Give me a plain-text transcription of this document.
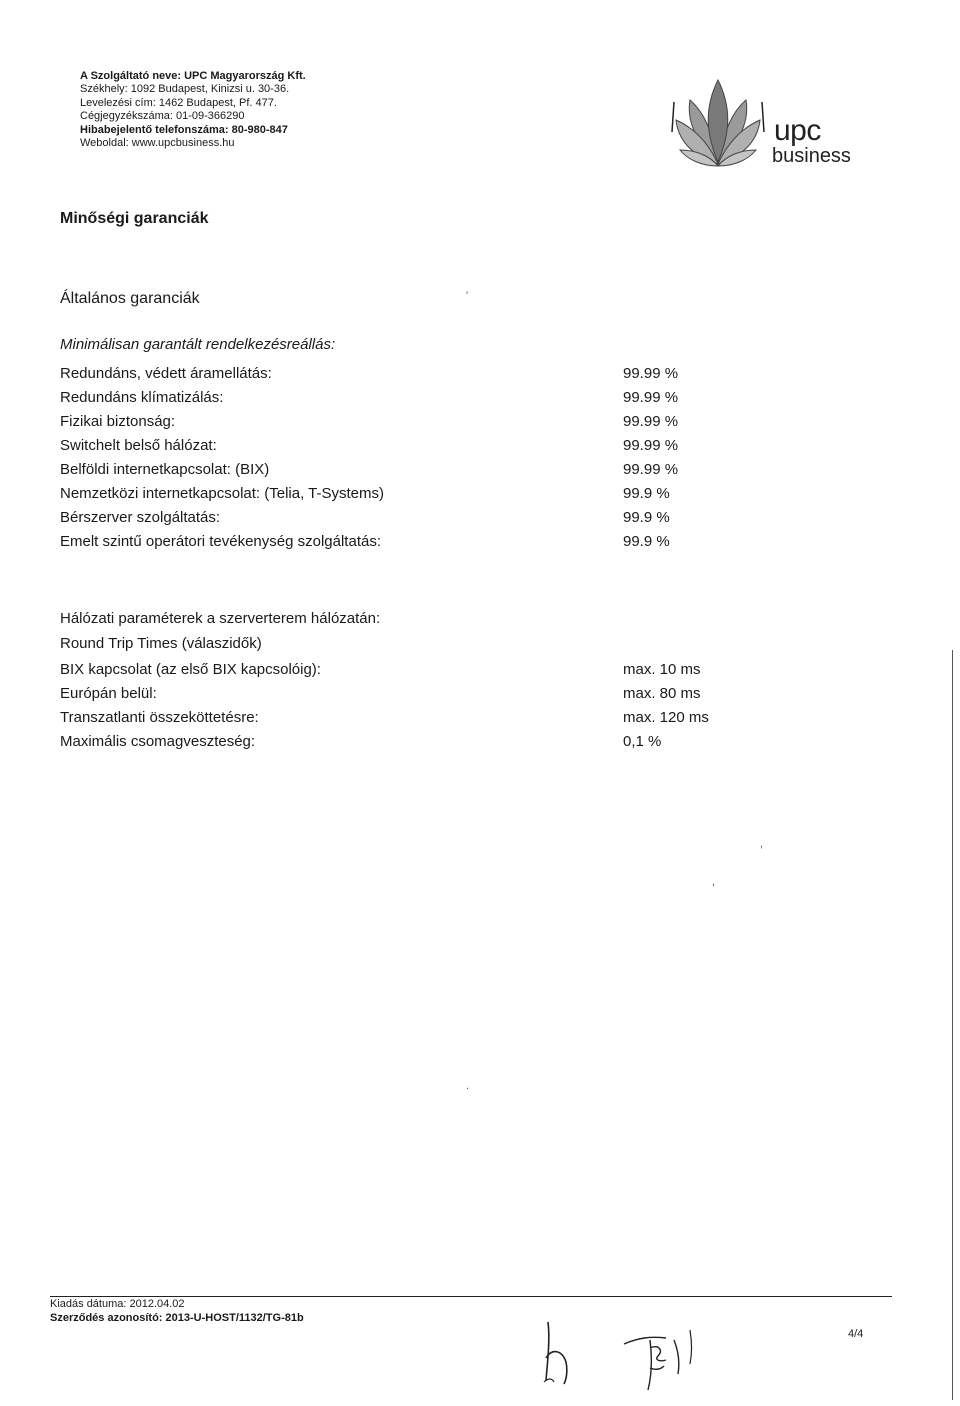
A Szolgáltató neve: UPC Magyarország Kft.
Székhely: 1092 Budapest, Kinizsi u. 30-36.
Levelezési cím: 1462 Budapest, Pf. 477.
Cégjegyzékszáma: 01-09-366290
Hibabejelentő telefonszáma: 80-980-847
Weboldal: www.upcbusiness.hu	upc
business
Minőségi garanciák
Általános garanciák	'
Minimálisan garantált rendelkezésreállás:
Redundáns, védett áramellátás:	99.99 %
Redundáns klímatizálás:	99.99 %
Fizikai biztonság:	99.99 %
Switchelt belső hálózat:	99.99 %
Belföldi internetkapcsolat: (BIX)	99.99 %
Nemzetközi internetkapcsolat: (Telia, T-Systems)	99.9 %
Bérszerver szolgáltatás:	99.9 %
Emelt szintű operátori tevékenység szolgáltatás:	99.9 %
Hálózati paraméterek a szerverterem hálózatán:
Round Trip Times (válaszidők)
BIX kapcsolat (az első BIX kapcsolóig):	max. 10 ms
Európán belül:	max. 80 ms
Transzatlanti összeköttetésre:	max. 120 ms
Maximális csomagveszteség:	0,1 %
,
,
.
Kiadás dátuma: 2012.04.02
Szerződés azonosító: 2013-U-HOST/1132/TG-81b
4/4
